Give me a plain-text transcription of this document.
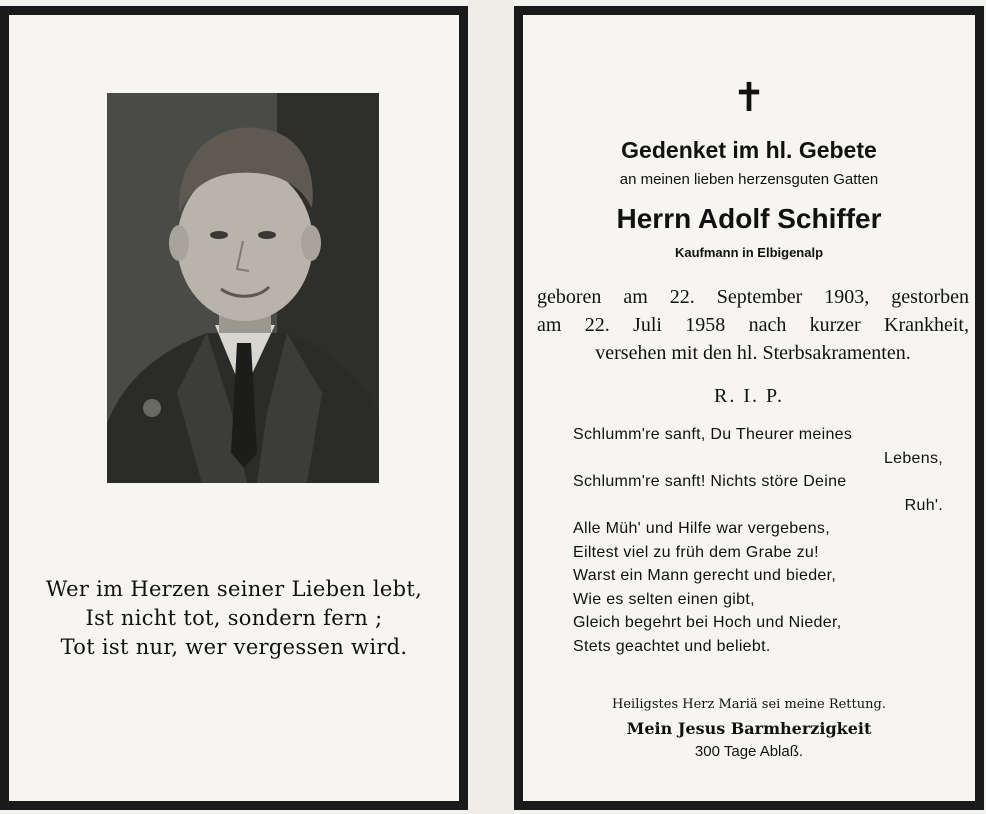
Wer im Herzen seiner Lieben lebt,
Ist nicht tot, sondern fern ;
Tot ist nur, wer vergessen wird.
✝
Gedenket im hl. Gebete
an meinen lieben herzensguten Gatten
Herrn Adolf Schiffer
Kaufmann in Elbigenalp
geboren am 22. September 1903, gestorben
am 22. Juli 1958 nach kurzer Krankheit,
versehen mit den hl. Sterbsakramenten.
R. I. P.
Schlumm're sanft, Du Theurer meines
Lebens,
Schlumm're sanft! Nichts störe Deine
Ruh'.
Alle Müh' und Hilfe war vergebens,
Eiltest viel zu früh dem Grabe zu!
Warst ein Mann gerecht und bieder,
Wie es selten einen gibt,
Gleich begehrt bei Hoch und Nieder,
Stets geachtet und beliebt.
Heiligstes Herz Mariä sei meine Rettung.
Mein Jesus Barmherzigkeit
300 Tage Ablaß.
